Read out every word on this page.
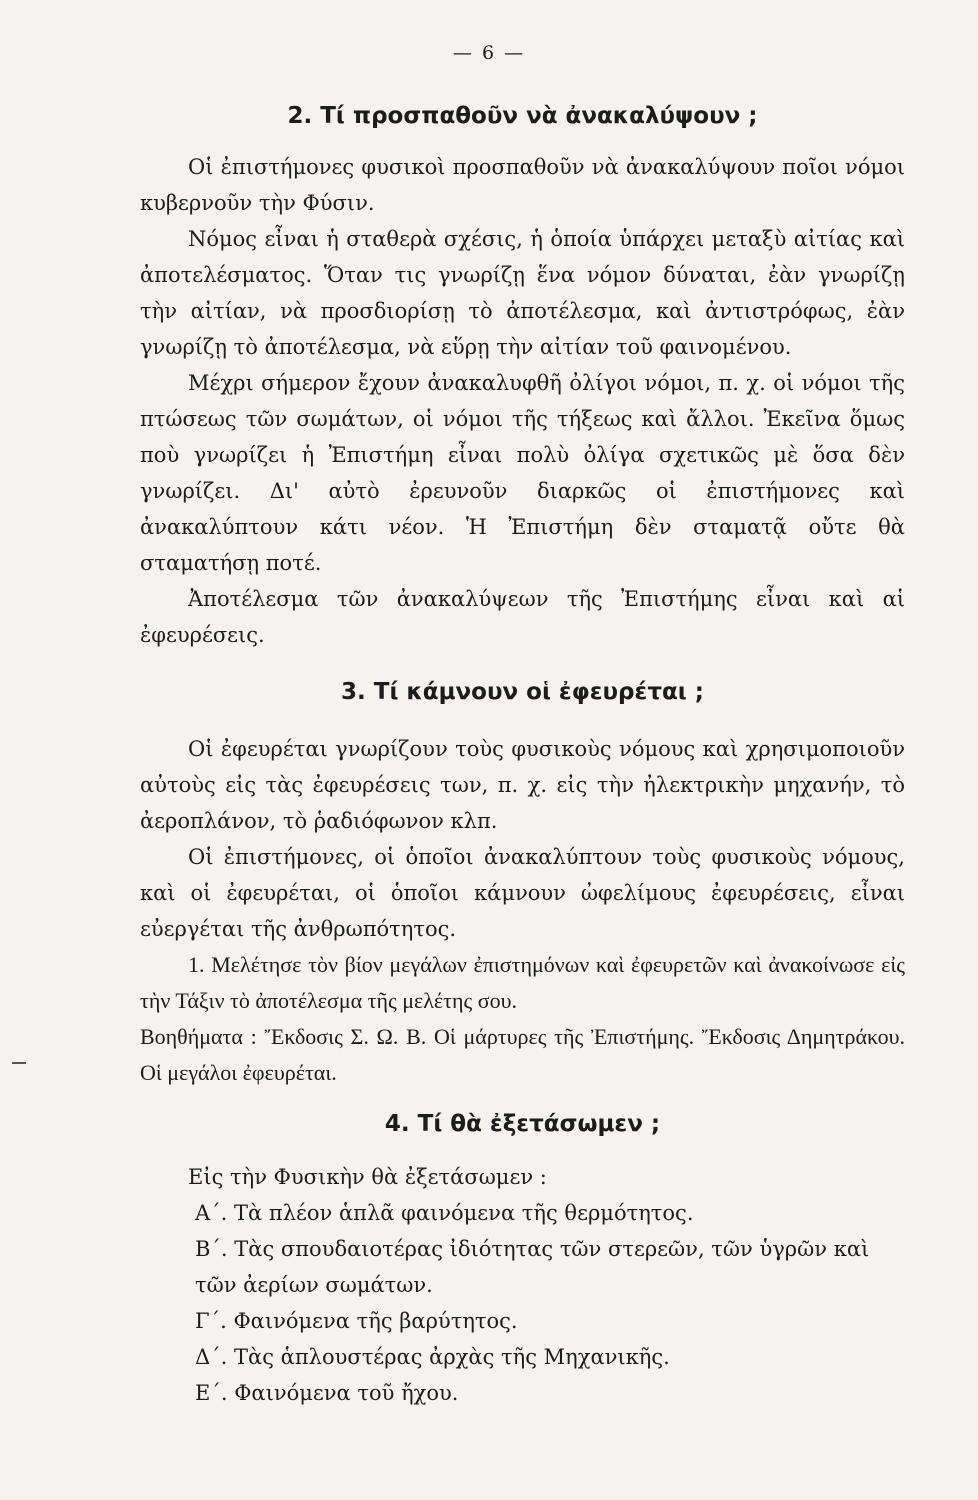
— 6 —
2. Τί προσπαθοῦν νὰ ἀνακαλύψουν ;

Οἱ ἐπιστήμονες φυσικοὶ προσπαθοῦν νὰ ἀνακαλύψουν ποῖοι νόμοι κυβερνοῦν τὴν Φύσιν.

Νόμος εἶναι ἡ σταθερὰ σχέσις, ἡ ὁποία ὑπάρχει μεταξὺ αἰτίας καὶ ἀποτελέσματος. Ὅταν τις γνωρίζῃ ἕνα νόμον δύναται, ἐὰν γνωρίζῃ τὴν αἰτίαν, νὰ προσδιορίσῃ τὸ ἀποτέλεσμα, καὶ ἀντιστρόφως, ἐὰν γνωρίζῃ τὸ ἀποτέλεσμα, νὰ εὕρῃ τὴν αἰτίαν τοῦ φαινομένου.

Μέχρι σήμερον ἔχουν ἀνακαλυφθῆ ὀλίγοι νόμοι, π. χ. οἱ νόμοι τῆς πτώσεως τῶν σωμάτων, οἱ νόμοι τῆς τήξεως καὶ ἄλλοι. Ἐκεῖνα ὅμως ποὺ γνωρίζει ἡ Ἐπιστήμη εἶναι πολὺ ὀλίγα σχετικῶς μὲ ὅσα δὲν γνωρίζει. Δι' αὐτὸ ἐρευνοῦν διαρκῶς οἱ ἐπιστήμονες καὶ ἀνακαλύπτουν κάτι νέον. Ἡ Ἐπιστήμη δὲν σταματᾷ οὔτε θὰ σταματήσῃ ποτέ.

Ἀποτέλεσμα τῶν ἀνακαλύψεων τῆς Ἐπιστήμης εἶναι καὶ αἱ ἐφευρέσεις.

3. Τί κάμνουν οἱ ἐφευρέται ;

Οἱ ἐφευρέται γνωρίζουν τοὺς φυσικοὺς νόμους καὶ χρησιμοποιοῦν αὐτοὺς εἰς τὰς ἐφευρέσεις των, π. χ. εἰς τὴν ἠλεκτρικὴν μηχανήν, τὸ ἀεροπλάνον, τὸ ῥαδιόφωνον κλπ.

Οἱ ἐπιστήμονες, οἱ ὁποῖοι ἀνακαλύπτουν τοὺς φυσικοὺς νόμους, καὶ οἱ ἐφευρέται, οἱ ὁποῖοι κάμνουν ὠφελίμους ἐφευρέσεις, εἶναι εὐεργέται τῆς ἀνθρωπότητος.

1. Μελέτησε τὸν βίον μεγάλων ἐπιστημόνων καὶ ἐφευρετῶν καὶ ἀνακοίνωσε εἰς τὴν Τάξιν τὸ ἀποτέλεσμα τῆς μελέτης σου.

Βοηθήματα : Ἔκδοσις Σ. Ω. Β. Οἱ μάρτυρες τῆς Ἐπιστήμης. Ἔκδοσις Δημητράκου. Οἱ μεγάλοι ἐφευρέται.

4. Τί θὰ ἐξετάσωμεν ;

Εἰς τὴν Φυσικὴν θὰ ἐξετάσωμεν :

Α΄. Τὰ πλέον ἁπλᾶ φαινόμενα τῆς θερμότητος.

Β΄. Τὰς σπουδαιοτέρας ἰδιότητας τῶν στερεῶν, τῶν ὑγρῶν καὶ τῶν ἀερίων σωμάτων.

Γ΄. Φαινόμενα τῆς βαρύτητος.

Δ΄. Τὰς ἁπλουστέρας ἀρχὰς τῆς Μηχανικῆς.

Ε΄. Φαινόμενα τοῦ ἤχου.
